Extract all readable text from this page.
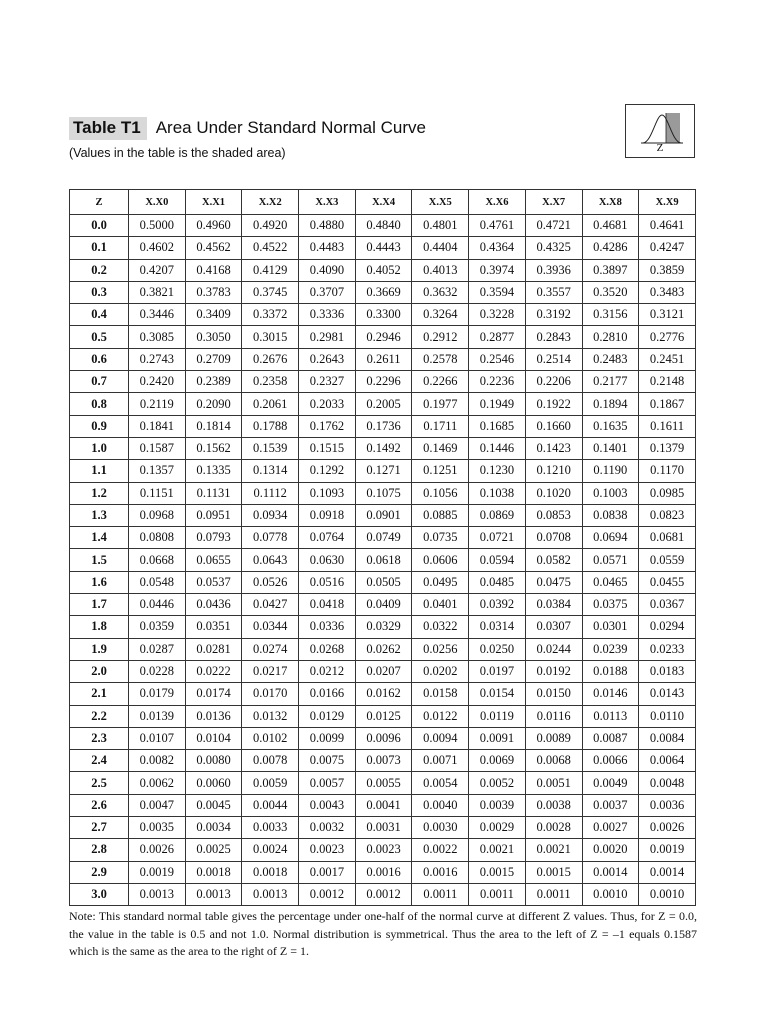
Table T1 Area Under Standard Normal Curve
(Values in the table is the shaded area)	Z
Z	X.X0	X.X1	X.X2	X.X3	X.X4	X.X5	X.X6	X.X7	X.X8	X.X9
0.0	0.5000	0.4960	0.4920	0.4880	0.4840	0.4801	0.4761	0.4721	0.4681	0.4641
0.1	0.4602	0.4562	0.4522	0.4483	0.4443	0.4404	0.4364	0.4325	0.4286	0.4247
0.2	0.4207	0.4168	0.4129	0.4090	0.4052	0.4013	0.3974	0.3936	0.3897	0.3859
0.3	0.3821	0.3783	0.3745	0.3707	0.3669	0.3632	0.3594	0.3557	0.3520	0.3483
0.4	0.3446	0.3409	0.3372	0.3336	0.3300	0.3264	0.3228	0.3192	0.3156	0.3121
0.5	0.3085	0.3050	0.3015	0.2981	0.2946	0.2912	0.2877	0.2843	0.2810	0.2776
0.6	0.2743	0.2709	0.2676	0.2643	0.2611	0.2578	0.2546	0.2514	0.2483	0.2451
0.7	0.2420	0.2389	0.2358	0.2327	0.2296	0.2266	0.2236	0.2206	0.2177	0.2148
0.8	0.2119	0.2090	0.2061	0.2033	0.2005	0.1977	0.1949	0.1922	0.1894	0.1867
0.9	0.1841	0.1814	0.1788	0.1762	0.1736	0.1711	0.1685	0.1660	0.1635	0.1611
1.0	0.1587	0.1562	0.1539	0.1515	0.1492	0.1469	0.1446	0.1423	0.1401	0.1379
1.1	0.1357	0.1335	0.1314	0.1292	0.1271	0.1251	0.1230	0.1210	0.1190	0.1170
1.2	0.1151	0.1131	0.1112	0.1093	0.1075	0.1056	0.1038	0.1020	0.1003	0.0985
1.3	0.0968	0.0951	0.0934	0.0918	0.0901	0.0885	0.0869	0.0853	0.0838	0.0823
1.4	0.0808	0.0793	0.0778	0.0764	0.0749	0.0735	0.0721	0.0708	0.0694	0.0681
1.5	0.0668	0.0655	0.0643	0.0630	0.0618	0.0606	0.0594	0.0582	0.0571	0.0559
1.6	0.0548	0.0537	0.0526	0.0516	0.0505	0.0495	0.0485	0.0475	0.0465	0.0455
1.7	0.0446	0.0436	0.0427	0.0418	0.0409	0.0401	0.0392	0.0384	0.0375	0.0367
1.8	0.0359	0.0351	0.0344	0.0336	0.0329	0.0322	0.0314	0.0307	0.0301	0.0294
1.9	0.0287	0.0281	0.0274	0.0268	0.0262	0.0256	0.0250	0.0244	0.0239	0.0233
2.0	0.0228	0.0222	0.0217	0.0212	0.0207	0.0202	0.0197	0.0192	0.0188	0.0183
2.1	0.0179	0.0174	0.0170	0.0166	0.0162	0.0158	0.0154	0.0150	0.0146	0.0143
2.2	0.0139	0.0136	0.0132	0.0129	0.0125	0.0122	0.0119	0.0116	0.0113	0.0110
2.3	0.0107	0.0104	0.0102	0.0099	0.0096	0.0094	0.0091	0.0089	0.0087	0.0084
2.4	0.0082	0.0080	0.0078	0.0075	0.0073	0.0071	0.0069	0.0068	0.0066	0.0064
2.5	0.0062	0.0060	0.0059	0.0057	0.0055	0.0054	0.0052	0.0051	0.0049	0.0048
2.6	0.0047	0.0045	0.0044	0.0043	0.0041	0.0040	0.0039	0.0038	0.0037	0.0036
2.7	0.0035	0.0034	0.0033	0.0032	0.0031	0.0030	0.0029	0.0028	0.0027	0.0026
2.8	0.0026	0.0025	0.0024	0.0023	0.0023	0.0022	0.0021	0.0021	0.0020	0.0019
2.9	0.0019	0.0018	0.0018	0.0017	0.0016	0.0016	0.0015	0.0015	0.0014	0.0014
3.0	0.0013	0.0013	0.0013	0.0012	0.0012	0.0011	0.0011	0.0011	0.0010	0.0010
Note: This standard normal table gives the percentage under one-half of the normal curve at different Z values. Thus, for Z = 0.0, the value in the table is 0.5 and not 1.0. Normal distribution is symmetrical. Thus the area to the left of Z = –1 equals 0.1587 which is the same as the area to the right of Z = 1.
